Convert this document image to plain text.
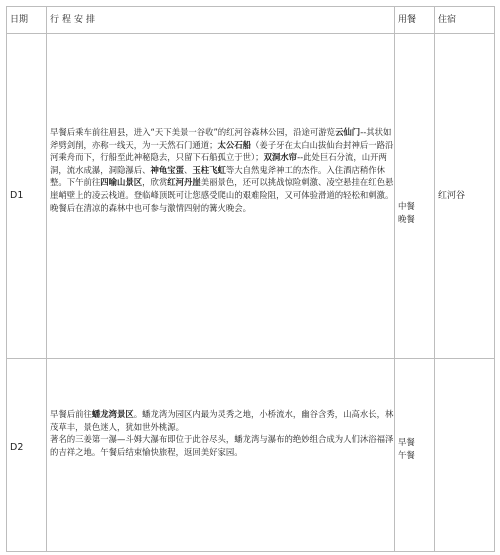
日期 行程安排	用餐 住宿
D1

早餐后乘车前往眉县，进入“天下美景一谷收”的红河谷森林公园，沿途可游览云仙门--其状如斧劈剑削，亦称一线天，为一天然石门通道；太公石船（姜子牙在太白山拔仙台封神后一路沿河乘舟而下，行船至此神秘隐去，只留下石船孤立于世）；双洞水帘--此处巨石分流，山开两洞，流水成瀑，洞隐瀑后、神龟宝蛋、玉柱飞虹等大自然鬼斧神工的杰作。入住酒店稍作休整。下午前往四喻山景区，欣赏红河丹崖美丽景色，还可以挑战惊险刺激、凌空悬挂在红色悬崖峭壁上的凌云栈道。登临峰顶既可让您感受爬山的艰难险阻，又可体验滑道的轻松和刺激。晚餐后在清凉的森林中也可参与激情四射的篝火晚会。	中餐
晚餐
红河谷
D2

早餐后前往蟠龙湾景区。蟠龙湾为园区内最为灵秀之地，小桥流水，幽谷含秀，山高水长，林茂草丰，景色迷人，犹如世外桃源。

著名的三姜第一瀑—斗姆大瀑布即位于此谷尽头，蟠龙湾与瀑布的绝妙组合成为人们沐浴福泽的吉祥之地。午餐后结束愉快旅程，返回美好家园。

早餐
午餐
